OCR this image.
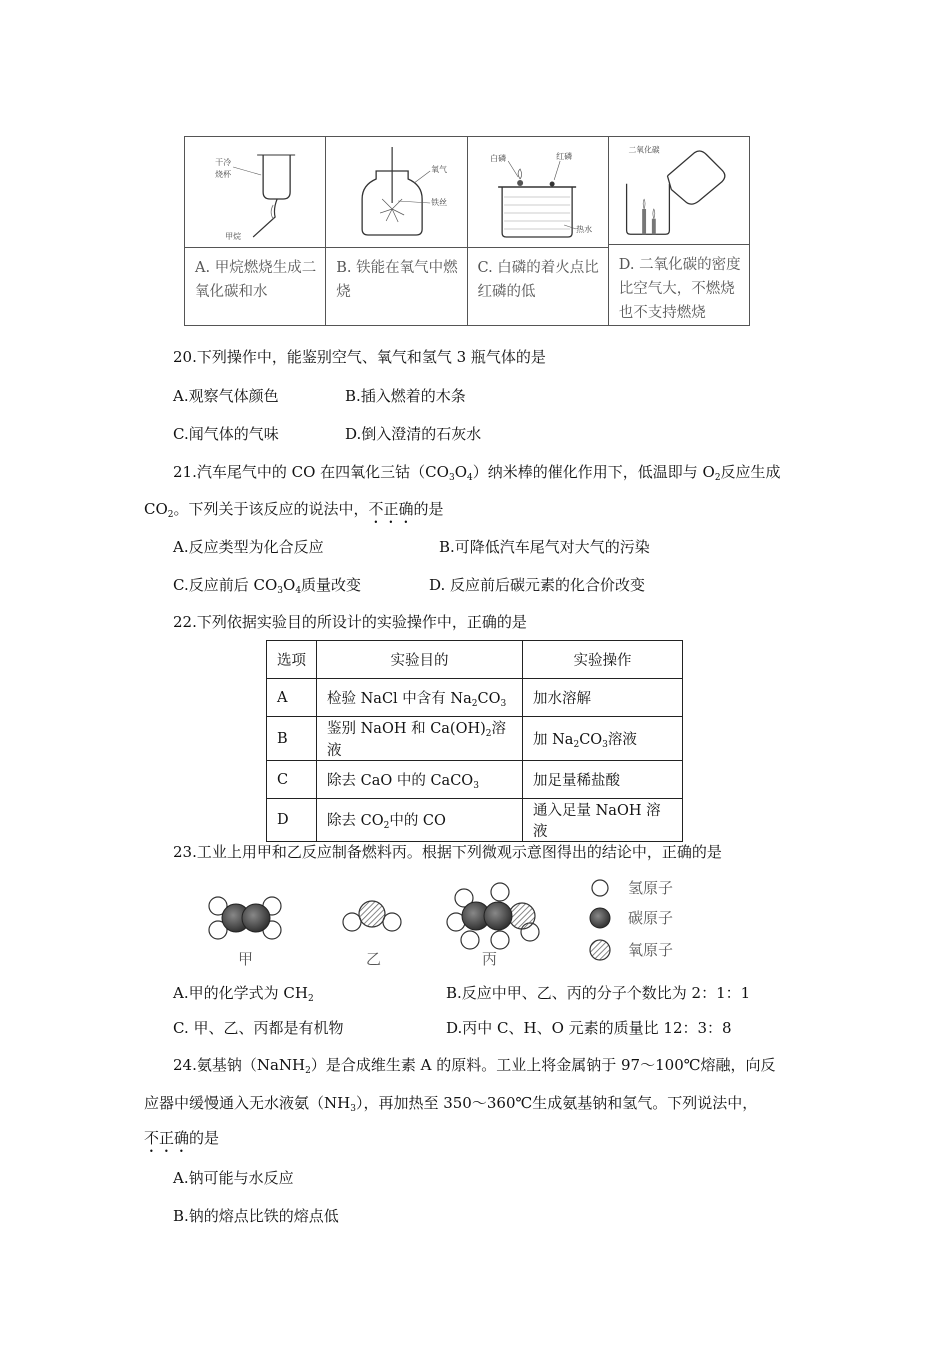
干冷
烧杯
甲烷
A. 甲烷燃烧生成二氧化碳和水
氧气
铁丝
B. 铁能在氧气中燃烧
白磷	红磷
热水
C. 白磷的着火点比红磷的低
二氧化碳
D. 二氧化碳的密度比空气大，不燃烧也不支持燃烧
20.下列操作中，能鉴别空气、氧气和氢气 3 瓶气体的是
A.观察气体颜色	B.插入燃着的木条
C.闻气体的气味	D.倒入澄清的石灰水
21.汽车尾气中的 CO 在四氧化三钴$(CO_3O_4)$纳米棒的催化作用下，低温即与 $O_2$反应生成
$CO_2$。下列关于该反应的说法中，不正确的是
A.反应类型为化合反应	B.可降低汽车尾气对大气的污染
C.反应前后 $CO_3O_4$质量改变	D. 反应前后碳元素的化合价改变
22.下列依据实验目的所设计的实验操作中，正确的是
选项	实验目的	实验操作
A	检验 NaCl 中含有 $Na_2CO_3$	加水溶解
B	鉴别 NaOH 和 $Ca(OH)_2$溶液	加 $Na_2CO_3$溶液
C	除去 CaO 中的 CaCO$_3$	加足量稀盐酸
D	除去 $CO_2$中的 CO	通入足量 NaOH 溶液
23.工业上用甲和乙反应制备燃料丙。根据下列微观示意图得出的结论中，正确的是
甲	乙	丙
氢原子
碳原子
氧原子
A.甲的化学式为 $CH_2$	B.反应中甲、乙、丙的分子个数比为 2：1：1
C. 甲、乙、丙都是有机物	D.丙中 C、H、O 元素的质量比 12：3：8
24.氨基钠（NaNH$_2$）是合成维生素 A 的原料。工业上将金属钠于 97～100℃熔融，向反
应器中缓慢通入无水液氨$(NH_3)$，再加热至 350～360℃生成氨基钠和氢气。下列说法中，
不正确的是
A.钠可能与水反应
B.钠的熔点比铁的熔点低
